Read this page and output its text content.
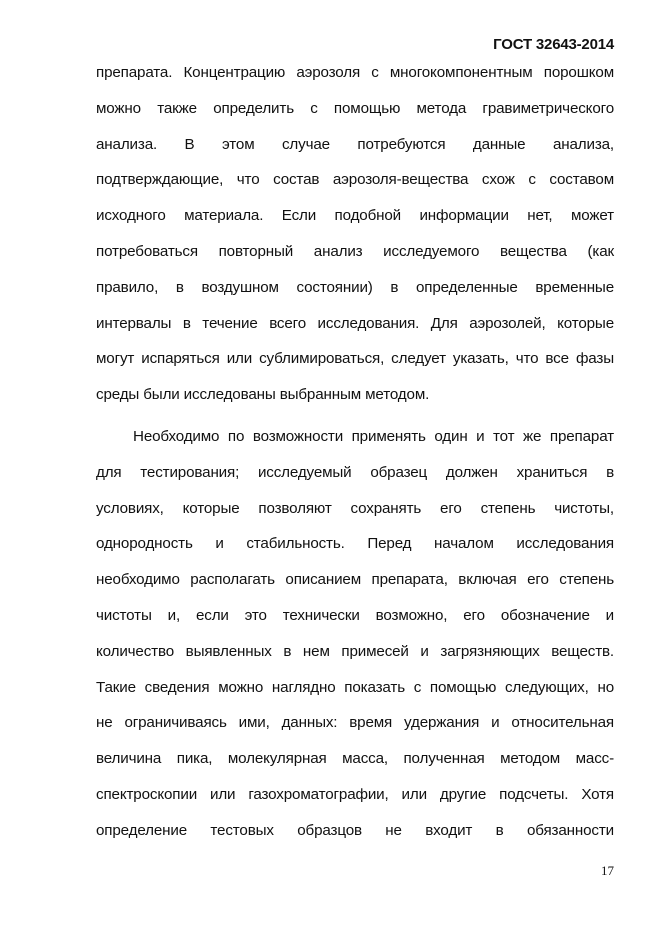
ГОСТ 32643-2014
препарата. Концентрацию аэрозоля с многокомпонентным порошком
можно также определить с помощью метода гравиметрического
анализа. В этом случае потребуются данные анализа,
подтверждающие, что состав аэрозоля-вещества схож с составом
исходного материала. Если подобной информации нет, может
потребоваться повторный анализ исследуемого вещества (как
правило, в воздушном состоянии) в определенные временные
интервалы в течение всего исследования. Для аэрозолей, которые
могут испаряться или сублимироваться, следует указать, что все фазы
среды были исследованы выбранным методом.
Необходимо по возможности применять один и тот же препарат
для тестирования; исследуемый образец должен храниться в
условиях, которые позволяют сохранять его степень чистоты,
однородность и стабильность. Перед началом исследования
необходимо располагать описанием препарата, включая его степень
чистоты и, если это технически возможно, его обозначение и
количество выявленных в нем примесей и загрязняющих веществ.
Такие сведения можно наглядно показать с помощью следующих, но
не ограничиваясь ими, данных: время удержания и относительная
величина пика, молекулярная масса, полученная методом масс-
спектроскопии или газохроматографии, или другие подсчеты. Хотя
определение тестовых образцов не входит в обязанности
17
